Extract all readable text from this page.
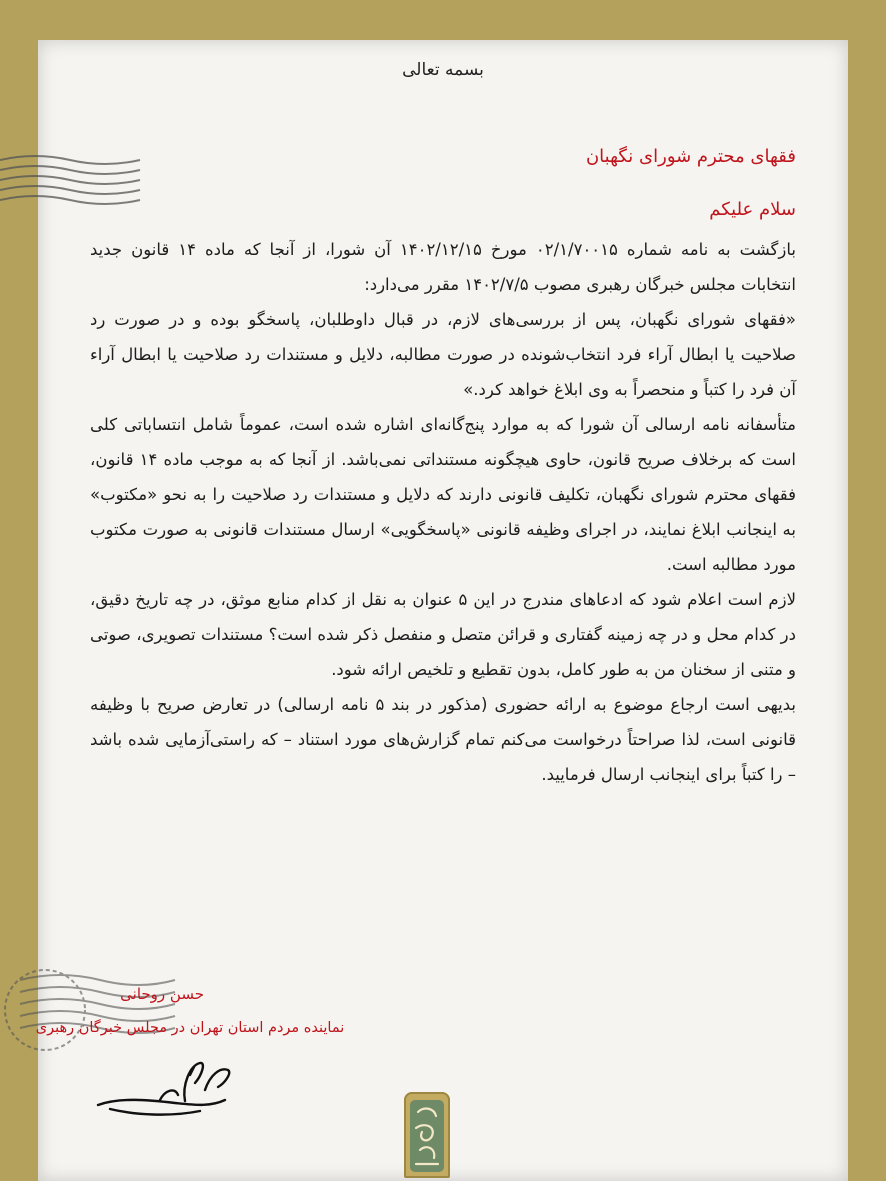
بسمه تعالی
فقهای محترم شورای نگهبان
سلام علیکم

بازگشت به نامه شماره ۰۲/۱/۷۰۰۱۵ مورخ ۱۴۰۲/۱۲/۱۵ آن شورا، از آنجا که ماده ۱۴ قانون جدید انتخابات مجلس خبرگان رهبری مصوب ۱۴۰۲/۷/۵ مقرر می‌دارد:

«فقهای شورای نگهبان، پس از بررسی‌های لازم، در قبال داوطلبان، پاسخگو بوده و در صورت رد صلاحیت یا ابطال آراء فرد انتخاب‌شونده در صورت مطالبه، دلایل و مستندات رد صلاحیت یا ابطال آراء آن فرد را کتباً و منحصراً به وی ابلاغ خواهد کرد.»

متأسفانه نامه ارسالی آن شورا که به موارد پنج‌گانه‌ای اشاره شده است، عموماً شامل انتساباتی کلی است که برخلاف صریح قانون، حاوی هیچگونه مستنداتی نمی‌باشد. از آنجا که به موجب ماده ۱۴ قانون، فقهای محترم شورای نگهبان، تکلیف قانونی دارند که دلایل و مستندات رد صلاحیت را به نحو «مکتوب» به اینجانب ابلاغ نمایند، در اجرای وظیفه قانونی «پاسخگویی» ارسال مستندات قانونی به صورت مکتوب مورد مطالبه است.

لازم است اعلام شود که ادعاهای مندرج در این ۵ عنوان به نقل از کدام منابع موثق، در چه تاریخ دقیق، در کدام محل و در چه زمینه گفتاری و قرائن متصل و منفصل ذکر شده است؟ مستندات تصویری، صوتی و متنی از سخنان من به طور کامل، بدون تقطیع و تلخیص ارائه شود.

بدیهی است ارجاع موضوع به ارائه حضوری (مذکور در بند ۵ نامه ارسالی) در تعارض صریح با وظیفه قانونی است، لذا صراحتاً درخواست می‌کنم تمام گزارش‌های مورد استناد – که راستی‌آزمایی شده باشد – را کتباً برای اینجانب ارسال فرمایید.

حسن روحانی
نماینده مردم استان تهران در مجلس خبرگان رهبری
